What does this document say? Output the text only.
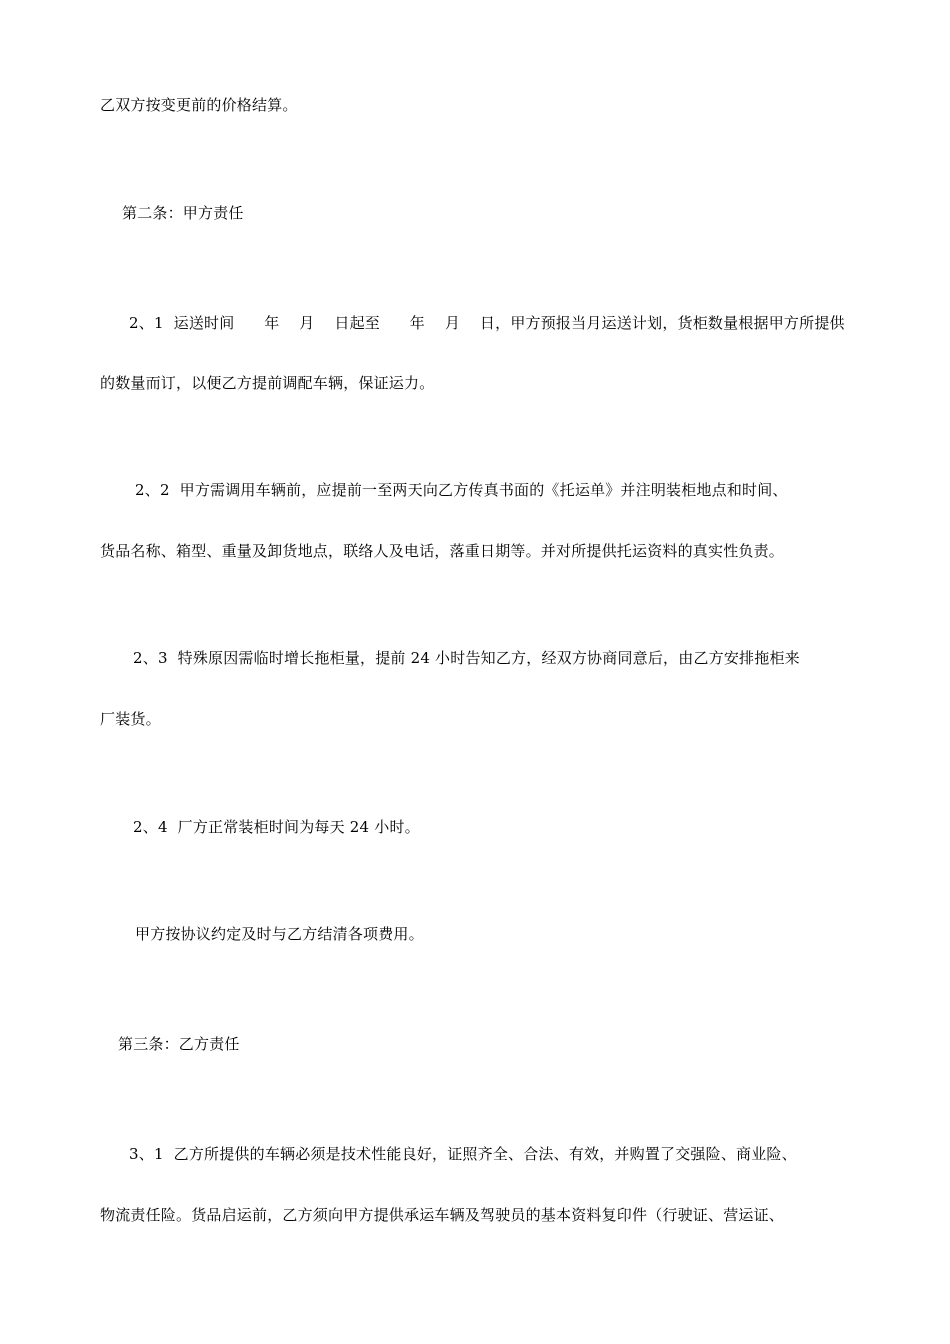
乙双方按变更前的价格结算。
第二条：甲方责任
2、1  运送时间      年    月    日起至      年    月    日，甲方预报当月运送计划，货柜数量根据甲方所提供
的数量而订，以便乙方提前调配车辆，保证运力。
2、2  甲方需调用车辆前，应提前一至两天向乙方传真书面的《托运单》并注明装柜地点和时间、
货品名称、箱型、重量及卸货地点，联络人及电话，落重日期等。并对所提供托运资料的真实性负责。
2、3  特殊原因需临时增长拖柜量，提前 24 小时告知乙方，经双方协商同意后，由乙方安排拖柜来
厂装货。
2、4  厂方正常装柜时间为每天 24 小时。
甲方按协议约定及时与乙方结清各项费用。
第三条：乙方责任
3、1  乙方所提供的车辆必须是技术性能良好，证照齐全、合法、有效，并购置了交强险、商业险、
物流责任险。货品启运前，乙方须向甲方提供承运车辆及驾驶员的基本资料复印件（行驶证、营运证、
